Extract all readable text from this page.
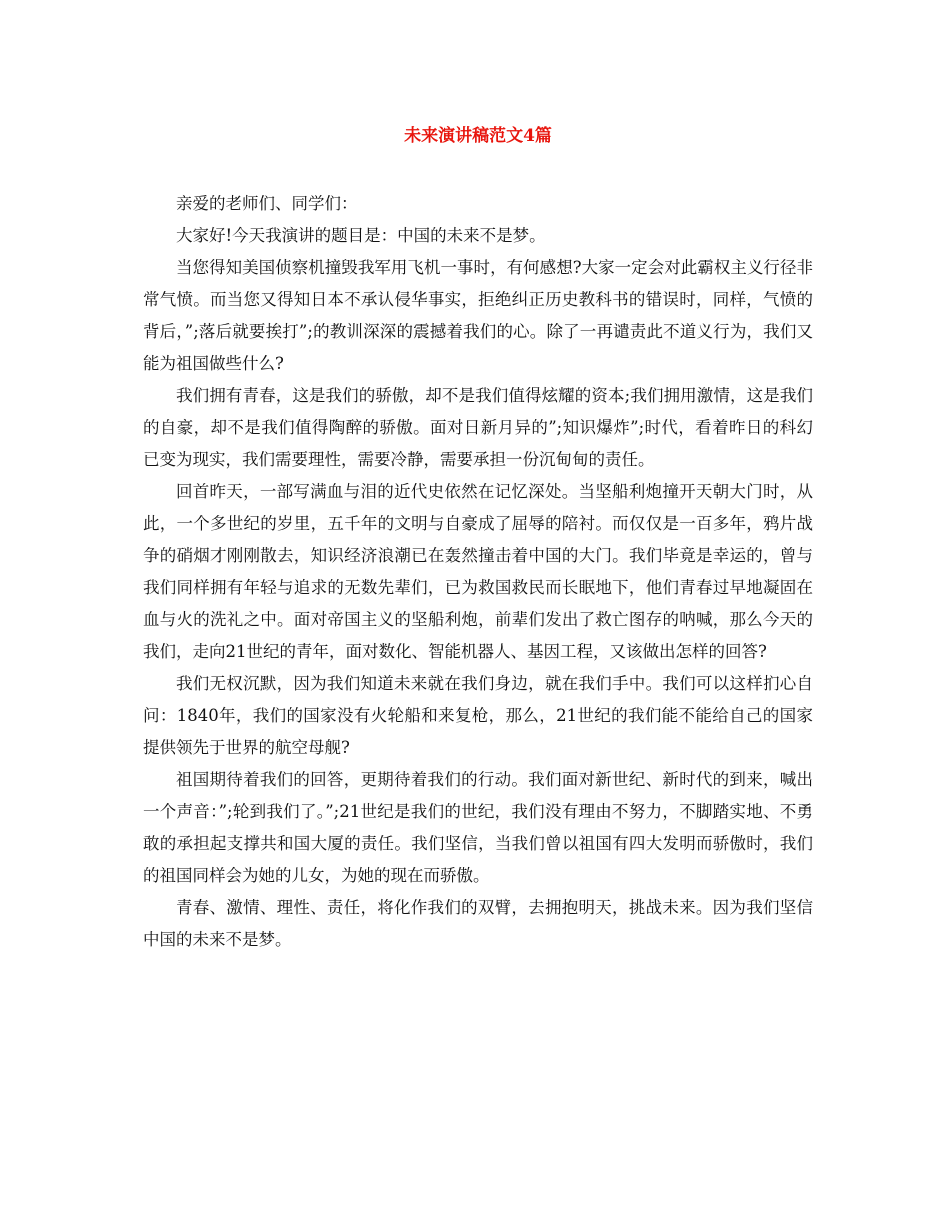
未来演讲稿范文4篇

亲爱的老师们、同学们：

大家好!今天我演讲的题目是：中国的未来不是梦。

当您得知美国侦察机撞毁我军用飞机一事时，有何感想?大家一定会对此霸权主义行径非常气愤。而当您又得知日本不承认侵华事实，拒绝纠正历史教科书的错误时，同样，气愤的背后，”;落后就要挨打”;的教训深深的震撼着我们的心。除了一再谴责此不道义行为，我们又能为祖国做些什么?

我们拥有青春，这是我们的骄傲，却不是我们值得炫耀的资本;我们拥用激情，这是我们的自豪，却不是我们值得陶醉的骄傲。面对日新月异的”;知识爆炸”;时代，看着昨日的科幻已变为现实，我们需要理性，需要冷静，需要承担一份沉甸甸的责任。

回首昨天，一部写满血与泪的近代史依然在记忆深处。当坚船利炮撞开天朝大门时，从此，一个多世纪的岁里，五千年的文明与自豪成了屈辱的陪衬。而仅仅是一百多年，鸦片战争的硝烟才刚刚散去，知识经济浪潮已在轰然撞击着中国的大门。我们毕竟是幸运的，曾与我们同样拥有年轻与追求的无数先辈们，已为救国救民而长眠地下，他们青春过早地凝固在血与火的洗礼之中。面对帝国主义的坚船利炮，前辈们发出了救亡图存的呐喊，那么今天的我们，走向21世纪的青年，面对数化、智能机器人、基因工程，又该做出怎样的回答?

我们无权沉默，因为我们知道未来就在我们身边，就在我们手中。我们可以这样扪心自问：1840年，我们的国家没有火轮船和来复枪，那么，21世纪的我们能不能给自己的国家提供领先于世界的航空母舰?

祖国期待着我们的回答，更期待着我们的行动。我们面对新世纪、新时代的到来，喊出一个声音：”;轮到我们了。”;21世纪是我们的世纪，我们没有理由不努力，不脚踏实地、不勇敢的承担起支撑共和国大厦的责任。我们坚信，当我们曾以祖国有四大发明而骄傲时，我们的祖国同样会为她的儿女，为她的现在而骄傲。

青春、激情、理性、责任，将化作我们的双臂，去拥抱明天，挑战未来。因为我们坚信中国的未来不是梦。
